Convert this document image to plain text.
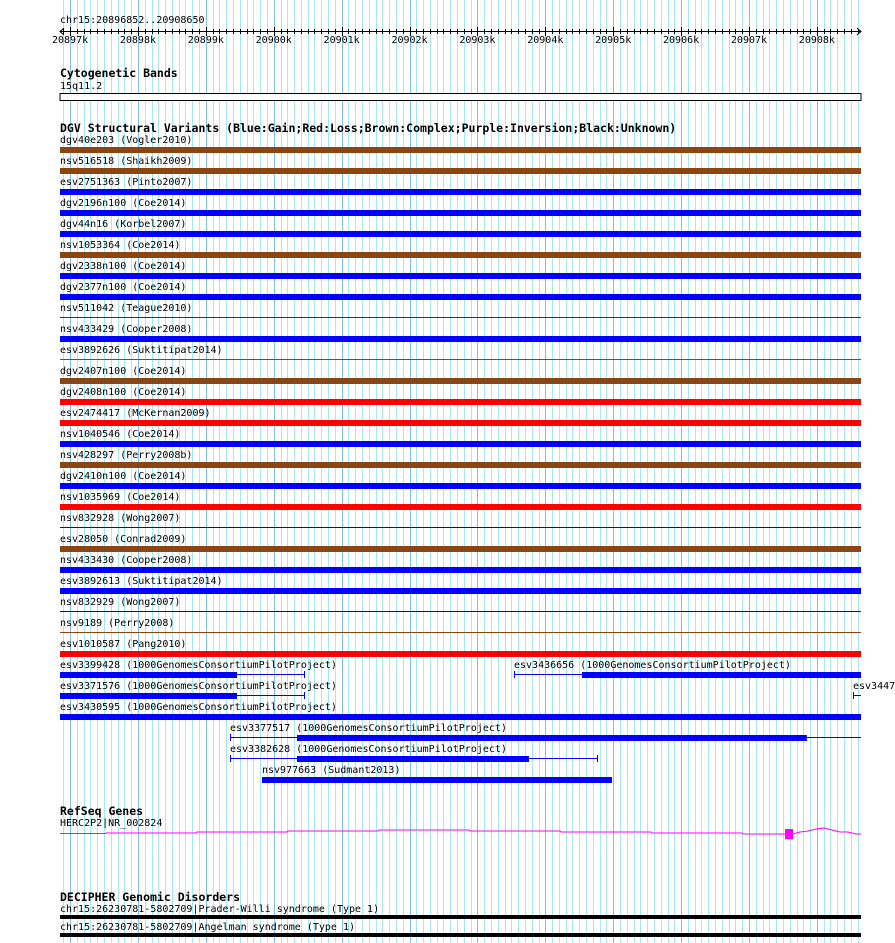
chr15:20896852..20908650
Cytogenetic Bands
15q11.2
DGV Structural Variants (Blue:Gain;Red:Loss;Brown:Complex;Purple:Inversion;Black:Unknown)
RefSeq Genes
HERC2P2|NR_002824
DECIPHER Genomic Disorders
chr15:26230781-5802709|Prader-Willi syndrome (Type 1)
chr15:26230781-5802709|Angelman syndrome (Type 1)
20897k	20898k	20899k	20900k	20901k	20902k	20903k	20904k	20905k	20906k	20907k	20908k
dgv40e203 (Vogler2010)
nsv516518 (Shaikh2009)
esv2751363 (Pinto2007)
dgv2196n100 (Coe2014)
dgv44n16 (Korbel2007)
nsv1053364 (Coe2014)
dgv2338n100 (Coe2014)
dgv2377n100 (Coe2014)
nsv511042 (Teague2010)
nsv433429 (Cooper2008)
esv3892626 (Suktitipat2014)
dgv2407n100 (Coe2014)
dgv2408n100 (Coe2014)
esv2474417 (McKernan2009)
nsv1040546 (Coe2014)
nsv428297 (Perry2008b)
dgv2410n100 (Coe2014)
nsv1035969 (Coe2014)
nsv832928 (Wong2007)
esv28050 (Conrad2009)
nsv433430 (Cooper2008)
esv3892613 (Suktitipat2014)
nsv832929 (Wong2007)
nsv9189 (Perry2008)
esv1010587 (Pang2010)
esv3399428 (1000GenomesConsortiumPilotProject)	esv3436656 (1000GenomesConsortiumPilotProject)
esv3371576 (1000GenomesConsortiumPilotProject)	esv3447
esv3430595 (1000GenomesConsortiumPilotProject)
esv3377517 (1000GenomesConsortiumPilotProject)
esv3382628 (1000GenomesConsortiumPilotProject)
nsv977663 (Sudmant2013)
